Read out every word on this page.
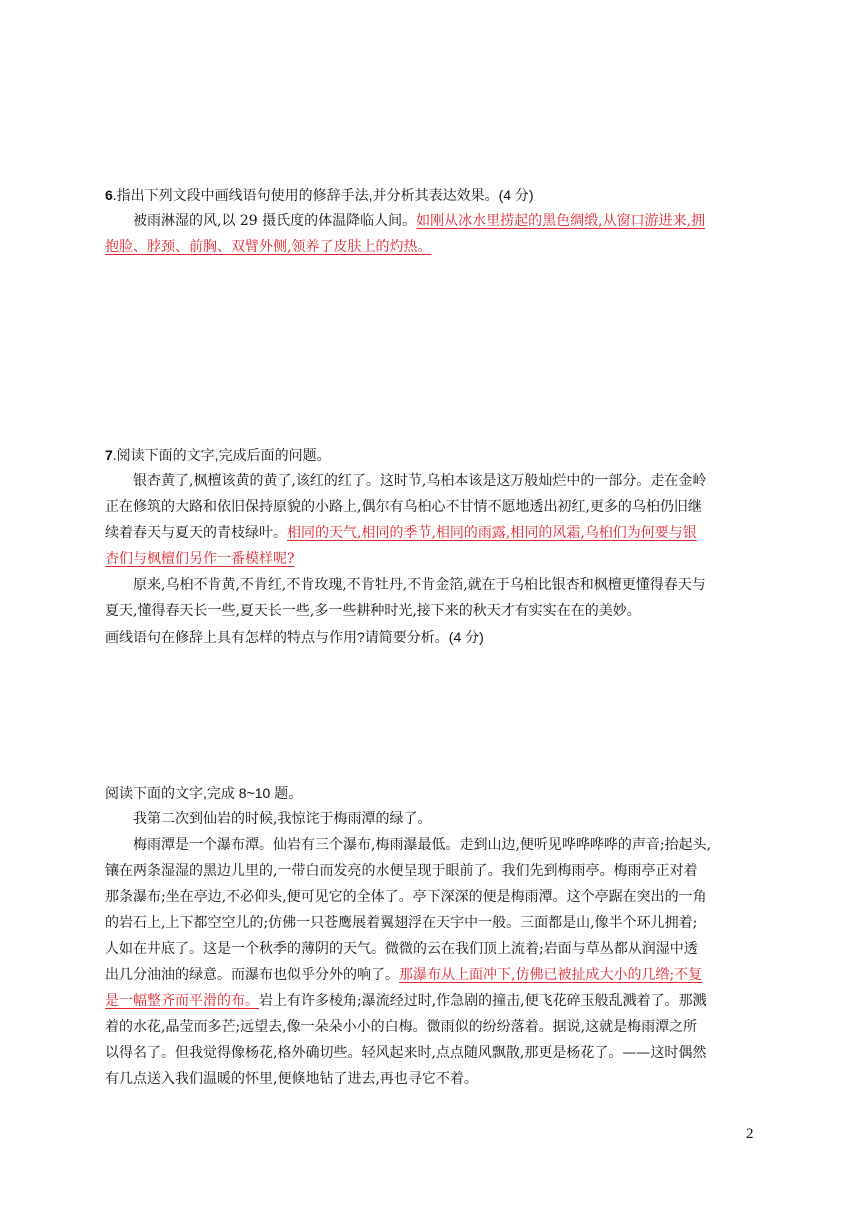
6.指出下列文段中画线语句使用的修辞手法,并分析其表达效果。(4 分)
被雨淋湿的风,以 29 摄氏度的体温降临人间。如刚从冰水里捞起的黑色绸缎,从窗口游进来,拥
抱脸、脖颈、前胸、双臂外侧,领养了皮肤上的灼热。
7.阅读下面的文字,完成后面的问题。
银杏黄了,枫檀该黄的黄了,该红的红了。这时节,乌桕本该是这万般灿烂中的一部分。走在金岭
正在修筑的大路和依旧保持原貌的小路上,偶尔有乌桕心不甘情不愿地透出初红,更多的乌桕仍旧继
续着春天与夏天的青枝绿叶。相同的天气,相同的季节,相同的雨露,相同的风霜,乌桕们为何要与银
杏们与枫檀们另作一番模样呢?
原来,乌桕不肯黄,不肯红,不肯玫瑰,不肯牡丹,不肯金箔,就在于乌桕比银杏和枫檀更懂得春天与
夏天,懂得春天长一些,夏天长一些,多一些耕种时光,接下来的秋天才有实实在在的美妙。
画线语句在修辞上具有怎样的特点与作用?请简要分析。(4 分)
阅读下面的文字,完成 8~10 题。
我第二次到仙岩的时候,我惊诧于梅雨潭的绿了。
梅雨潭是一个瀑布潭。仙岩有三个瀑布,梅雨瀑最低。走到山边,便听见哗哗哗哗的声音;抬起头,
镶在两条湿湿的黑边儿里的,一带白而发亮的水便呈现于眼前了。我们先到梅雨亭。梅雨亭正对着
那条瀑布;坐在亭边,不必仰头,便可见它的全体了。亭下深深的便是梅雨潭。这个亭踞在突出的一角
的岩石上,上下都空空儿的;仿佛一只苍鹰展着翼翅浮在天宇中一般。三面都是山,像半个环儿拥着;
人如在井底了。这是一个秋季的薄阴的天气。微微的云在我们顶上流着;岩面与草丛都从润湿中透
出几分油油的绿意。而瀑布也似乎分外的响了。那瀑布从上面冲下,仿佛已被扯成大小的几绺;不复
是一幅整齐而平滑的布。岩上有许多棱角;瀑流经过时,作急剧的撞击,便飞花碎玉般乱溅着了。那溅
着的水花,晶莹而多芒;远望去,像一朵朵小小的白梅。微雨似的纷纷落着。据说,这就是梅雨潭之所
以得名了。但我觉得像杨花,格外确切些。轻风起来时,点点随风飘散,那更是杨花了。——这时偶然
有几点送入我们温暖的怀里,便倏地钻了进去,再也寻它不着。
2
